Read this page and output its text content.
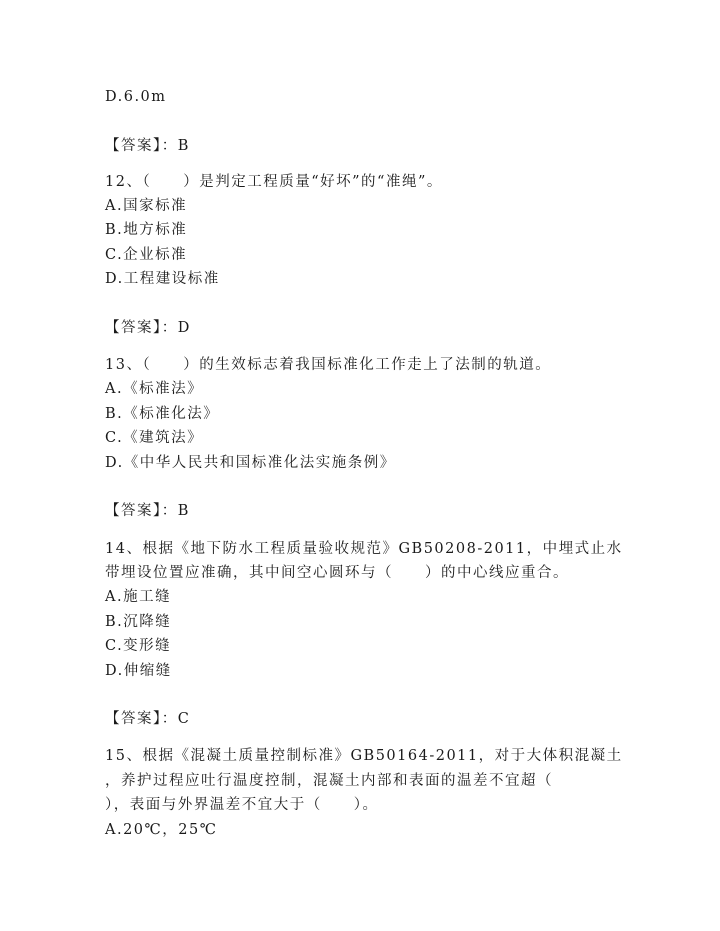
D.6.0m
【答案】：B
12、（　　）是判定工程质量“好坏”的“准绳”。
A.国家标准
B.地方标准
C.企业标准
D.工程建设标准
【答案】：D
13、（　　）的生效标志着我国标准化工作走上了法制的轨道。
A.《标准法》
B.《标准化法》
C.《建筑法》
D.《中华人民共和国标准化法实施条例》
【答案】：B
14、根据《地下防水工程质量验收规范》GB50208-2011，中埋式止水
带埋设位置应准确，其中间空心圆环与（　　）的中心线应重合。
A.施工缝
B.沉降缝
C.变形缝
D.伸缩缝
【答案】：C
15、根据《混凝土质量控制标准》GB50164-2011，对于大体积混凝土
，养护过程应吐行温度控制，混凝土内部和表面的温差不宜超（
），表面与外界温差不宜大于（　　）。
A.20℃，25℃
